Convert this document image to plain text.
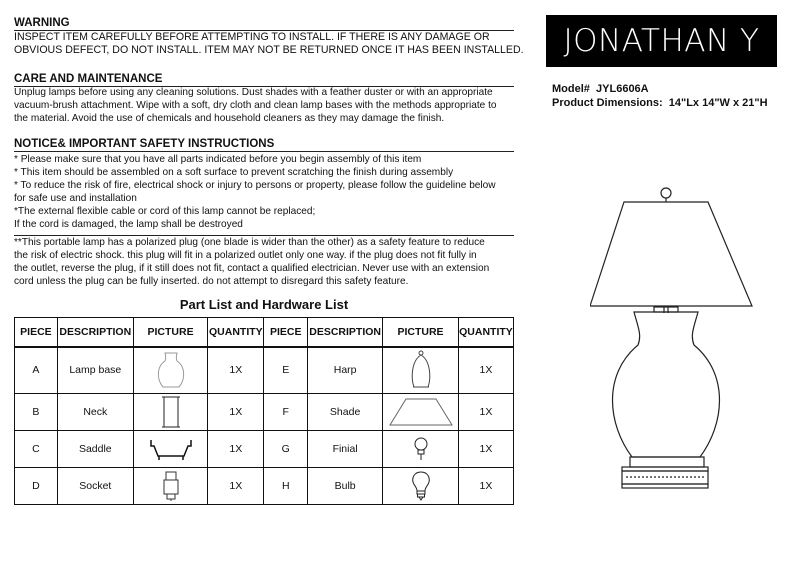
WARNING
INSPECT ITEM CAREFULLY BEFORE ATTEMPTING TO INSTALL. IF THERE IS ANY DAMAGE OR
OBVIOUS DEFECT, DO NOT INSTALL. ITEM MAY NOT BE RETURNED ONCE IT HAS BEEN INSTALLED.
CARE AND MAINTENANCE
Unplug lamps before using any cleaning solutions. Dust shades with a feather duster or with an appropriate
vacuum-brush attachment. Wipe with a soft, dry cloth and clean lamp bases with the methods appropriate to
the material. Avoid the use of chemicals and household cleaners as they may damage the finish.
NOTICE& IMPORTANT SAFETY INSTRUCTIONS
* Please make sure that you have all parts indicated before you begin assembly of this item
* This item should be assembled on a soft surface to prevent scratching the finish during assembly
* To reduce the risk of fire, electrical shock or injury to persons or property, please follow the guideline below
for safe use and installation
*The external flexible cable or cord of this lamp cannot be replaced;
If the cord is damaged, the lamp shall be destroyed
**This portable lamp has a polarized plug (one blade is wider than the other) as a safety feature to reduce
the risk of electric shock. this plug will fit in a polarized outlet only one way. if the plug does not fit fully in
the outlet, reverse the plug, if it still does not fit, contact a qualified electrician. Never use with an extension
cord unless the plug can be fully inserted. do not attempt to disregard this safety feature.
JONATHAN Y
Model# JYL6606A
Product Dimensions: 14"Lx 14"W x 21"H
Part List and Hardware List
PIECE	DESCRIPTION	PICTURE	QUANTITY	PIECE	DESCRIPTION	PICTURE	QUANTITY
A	Lamp base		1X	E	Harp		1X
B	Neck		1X	F	Shade		1X
C	Saddle		1X	G	Finial		1X
D	Socket		1X	H	Bulb		1X
